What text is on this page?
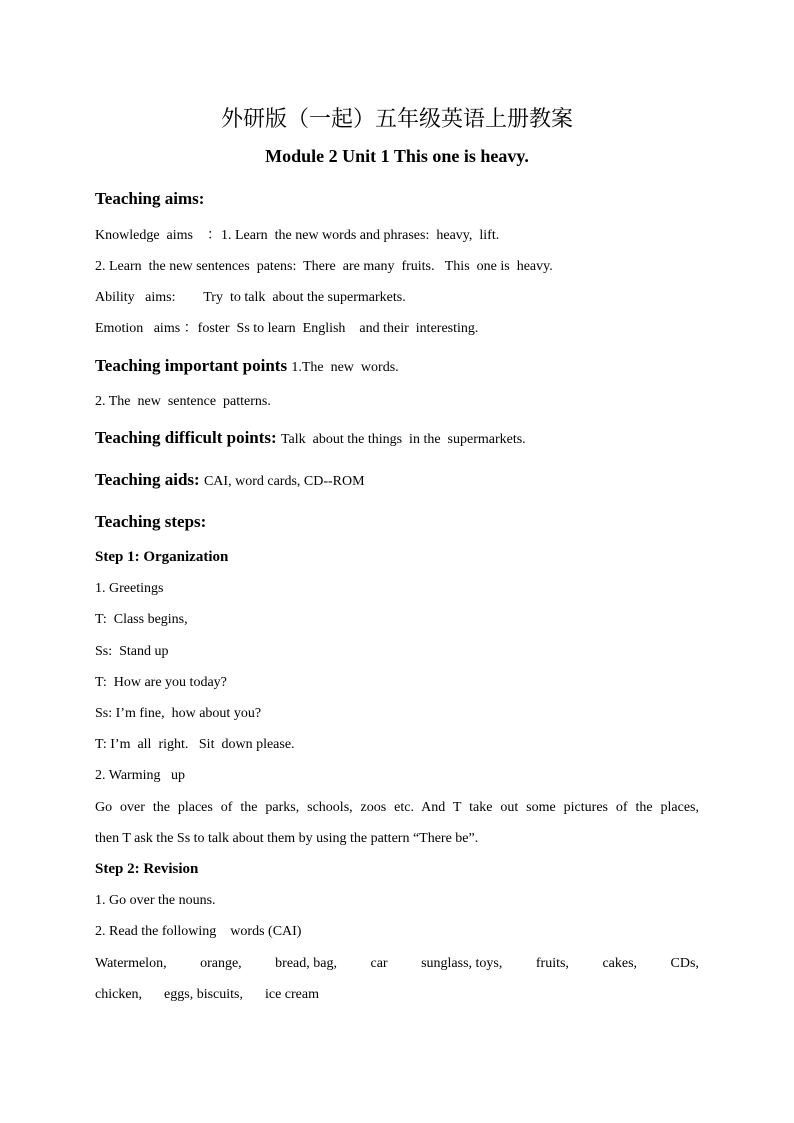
外研版（一起）五年级英语上册教案
Module 2 Unit 1 This one is heavy.
Teaching aims:
Knowledge  aims    ：1. Learn  the new words and phrases:  heavy,  lift.
2. Learn  the new sentences  patens:  There  are many  fruits.   This  one is  heavy.
Ability   aims:        Try  to talk  about the supermarkets.
Emotion   aims ：foster  Ss to learn  English    and their  interesting.
Teaching important points 1.The  new  words.
2. The  new  sentence  patterns.
Teaching difficult points: Talk  about the things  in the  supermarkets.
Teaching aids: CAI, word cards, CD--ROM
Teaching steps:
Step 1: Organization
1. Greetings
T:  Class begins,
Ss:  Stand up
T:  How are you today?
Ss: I’m fine,  how about you?
T: I’m  all  right.   Sit  down please.
2. Warming   up
Go over the places of the parks, schools, zoos etc. And T take out some pictures of the places,
then T ask the Ss to talk about them by using the pattern “There be”.
Step 2: Revision
1. Go over the nouns.
2. Read the following    words (CAI)
Watermelon, orange, bread, bag, car sunglass, toys, fruits, cakes, CDs,
chicken, eggs, biscuits, ice cream
